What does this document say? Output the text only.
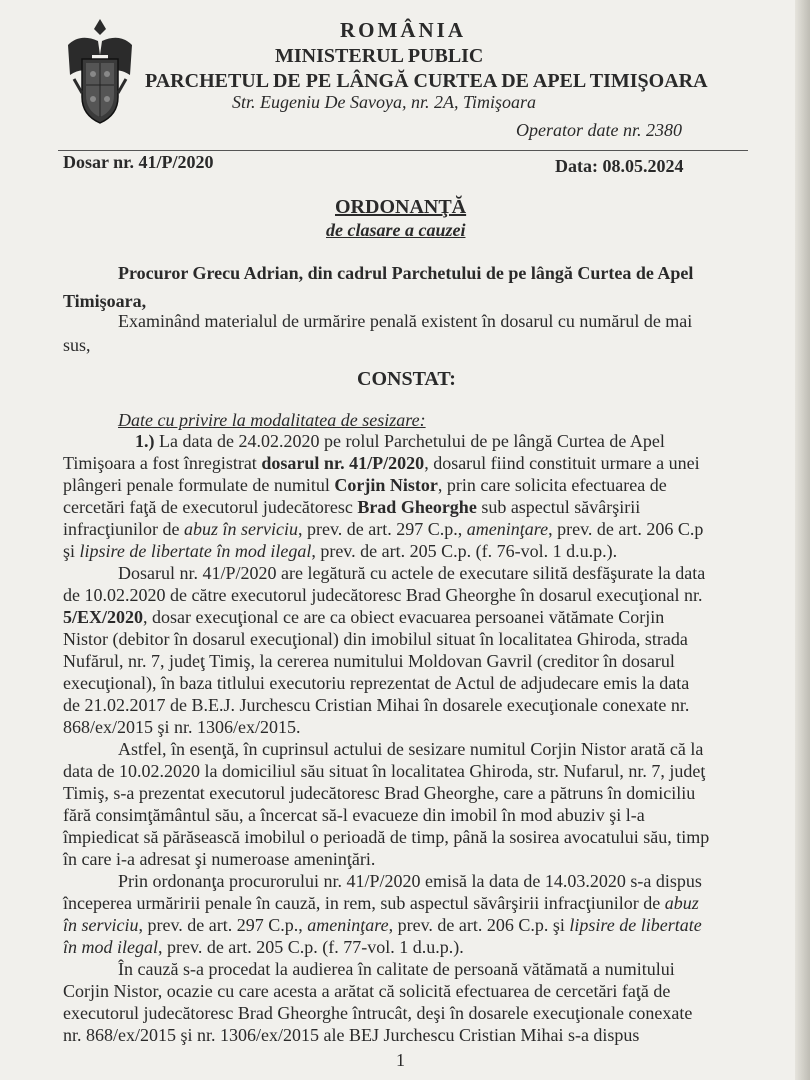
ROMÂNIA
MINISTERUL PUBLIC
PARCHETUL DE PE LÂNGĂ CURTEA DE APEL TIMIŞOARA
Str. Eugeniu De Savoya, nr. 2A, Timişoara
Operator date nr. 2380
Dosar nr. 41/P/2020	Data: 08.05.2024
ORDONANŢĂ
de clasare a cauzei
Procuror Grecu Adrian, din cadrul Parchetului de pe lângă Curtea de Apel
Timişoara,
Examinând materialul de urmărire penală existent în dosarul cu numărul de mai
sus,
CONSTAT:
Date cu privire la modalitatea de sesizare:
1.) La data de 24.02.2020 pe rolul Parchetului de pe lângă Curtea de Apel
Timişoara a fost înregistrat dosarul nr. 41/P/2020, dosarul fiind constituit urmare a unei
plângeri penale formulate de numitul Corjin Nistor, prin care solicita efectuarea de
cercetări faţă de executorul judecătoresc Brad Gheorghe sub aspectul săvârşirii
infracţiunilor de abuz în serviciu, prev. de art. 297 C.p., ameninţare, prev. de art. 206 C.p
şi lipsire de libertate în mod ilegal, prev. de art. 205 C.p. (f. 76-vol. 1 d.u.p.).
Dosarul nr. 41/P/2020 are legătură cu actele de executare silită desfăşurate la data
de 10.02.2020 de către executorul judecătoresc Brad Gheorghe în dosarul execuţional nr.
5/EX/2020, dosar execuţional ce are ca obiect evacuarea persoanei vătămate Corjin
Nistor (debitor în dosarul execuţional) din imobilul situat în localitatea Ghiroda, strada
Nufărul, nr. 7, judeţ Timiş, la cererea numitului Moldovan Gavril (creditor în dosarul
execuţional), în baza titlului executoriu reprezentat de Actul de adjudecare emis la data
de 21.02.2017 de B.E.J. Jurchescu Cristian Mihai în dosarele execuţionale conexate nr.
868/ex/2015 şi nr. 1306/ex/2015.
Astfel, în esenţă, în cuprinsul actului de sesizare numitul Corjin Nistor arată că la
data de 10.02.2020 la domiciliul său situat în localitatea Ghiroda, str. Nufarul, nr. 7, judeţ
Timiş, s-a prezentat executorul judecătoresc Brad Gheorghe, care a pătruns în domiciliu
fără consimţământul său, a încercat să-l evacueze din imobil în mod abuziv şi l-a
împiedicat să părăsească imobilul o perioadă de timp, până la sosirea avocatului său, timp
în care i-a adresat şi numeroase ameninţări.
Prin ordonanţa procurorului nr. 41/P/2020 emisă la data de 14.03.2020 s-a dispus
începerea urmăririi penale în cauză, in rem, sub aspectul săvârşirii infracţiunilor de abuz
în serviciu, prev. de art. 297 C.p., ameninţare, prev. de art. 206 C.p. şi lipsire de libertate
în mod ilegal, prev. de art. 205 C.p. (f. 77-vol. 1 d.u.p.).
În cauză s-a procedat la audierea în calitate de persoană vătămată a numitului
Corjin Nistor, ocazie cu care acesta a arătat că solicită efectuarea de cercetări faţă de
executorul judecătoresc Brad Gheorghe întrucât, deşi în dosarele execuţionale conexate
nr. 868/ex/2015 şi nr. 1306/ex/2015 ale BEJ Jurchescu Cristian Mihai s-a dispus
1
